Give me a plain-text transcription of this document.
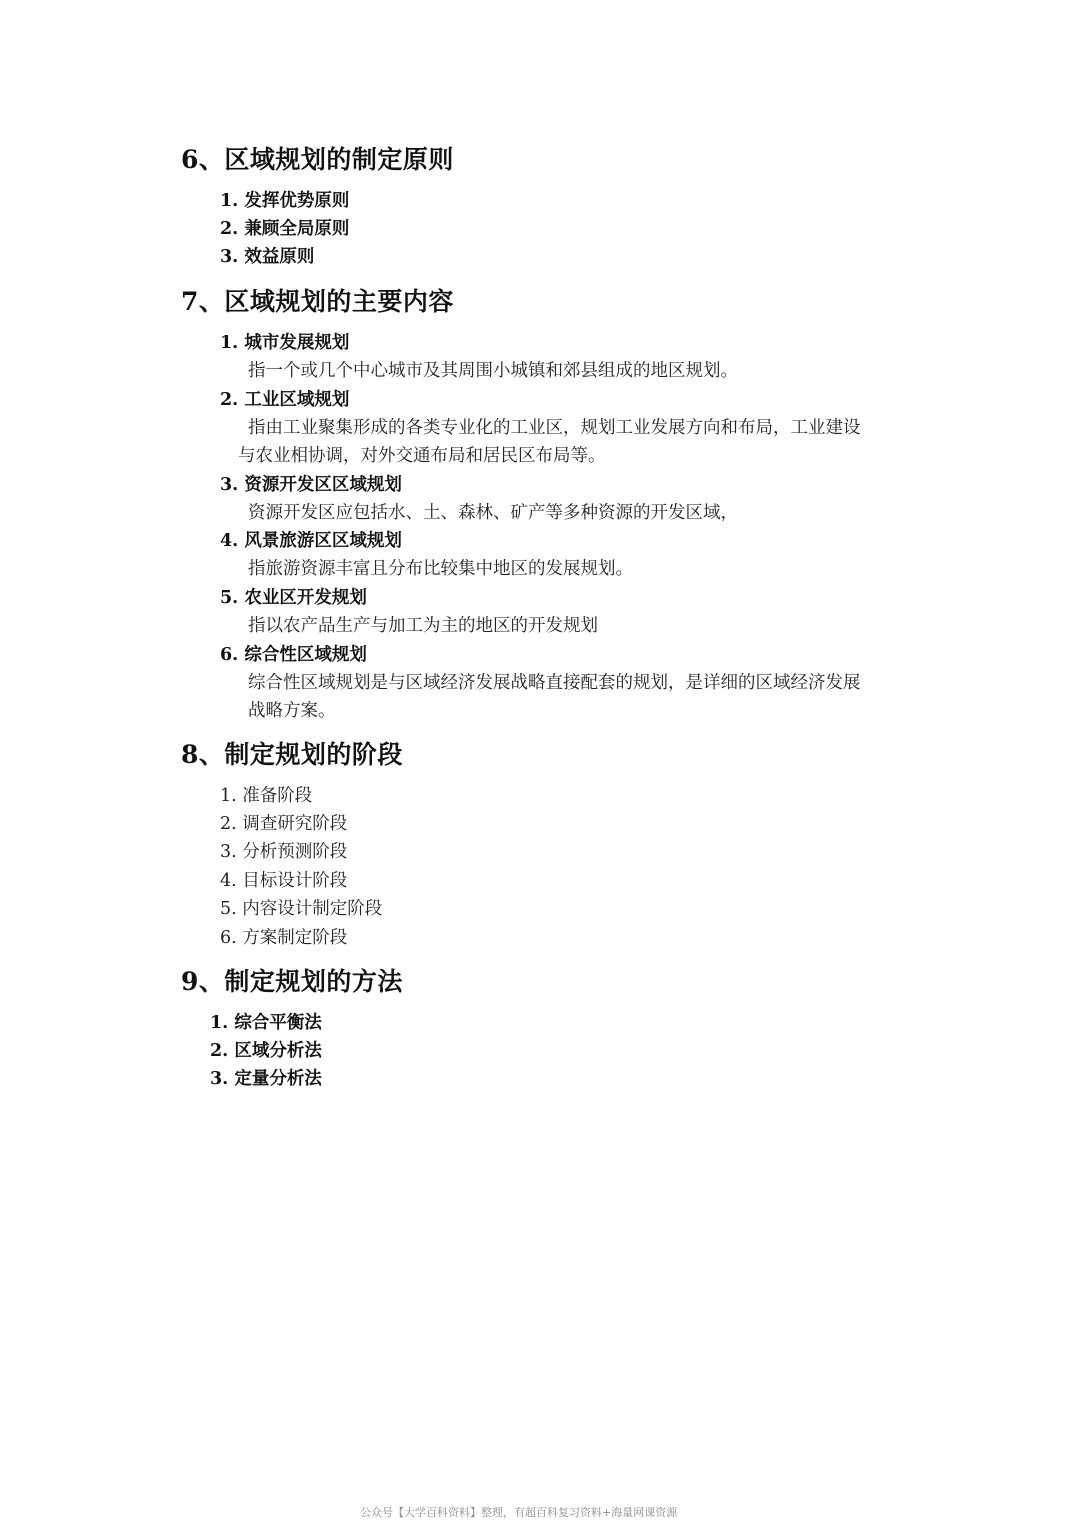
6、区域规划的制定原则
1. 发挥优势原则
2. 兼顾全局原则
3. 效益原则
7、区域规划的主要内容
1. 城市发展规划
指一个或几个中心城市及其周围小城镇和郊县组成的地区规划。
2. 工业区域规划
指由工业聚集形成的各类专业化的工业区，规划工业发展方向和布局，工业建设
与农业相协调，对外交通布局和居民区布局等。
3. 资源开发区区域规划
资源开发区应包括水、土、森林、矿产等多种资源的开发区域，
4. 风景旅游区区域规划
指旅游资源丰富且分布比较集中地区的发展规划。
5. 农业区开发规划
指以农产品生产与加工为主的地区的开发规划
6. 综合性区域规划
综合性区域规划是与区域经济发展战略直接配套的规划，是详细的区域经济发展
战略方案。
8、制定规划的阶段
1. 准备阶段
2. 调查研究阶段
3. 分析预测阶段
4. 目标设计阶段
5. 内容设计制定阶段
6. 方案制定阶段
9、制定规划的方法
1. 综合平衡法
2. 区域分析法
3. 定量分析法
公众号【大学百科资料】整理，有超百科复习资料+海量网课资源
